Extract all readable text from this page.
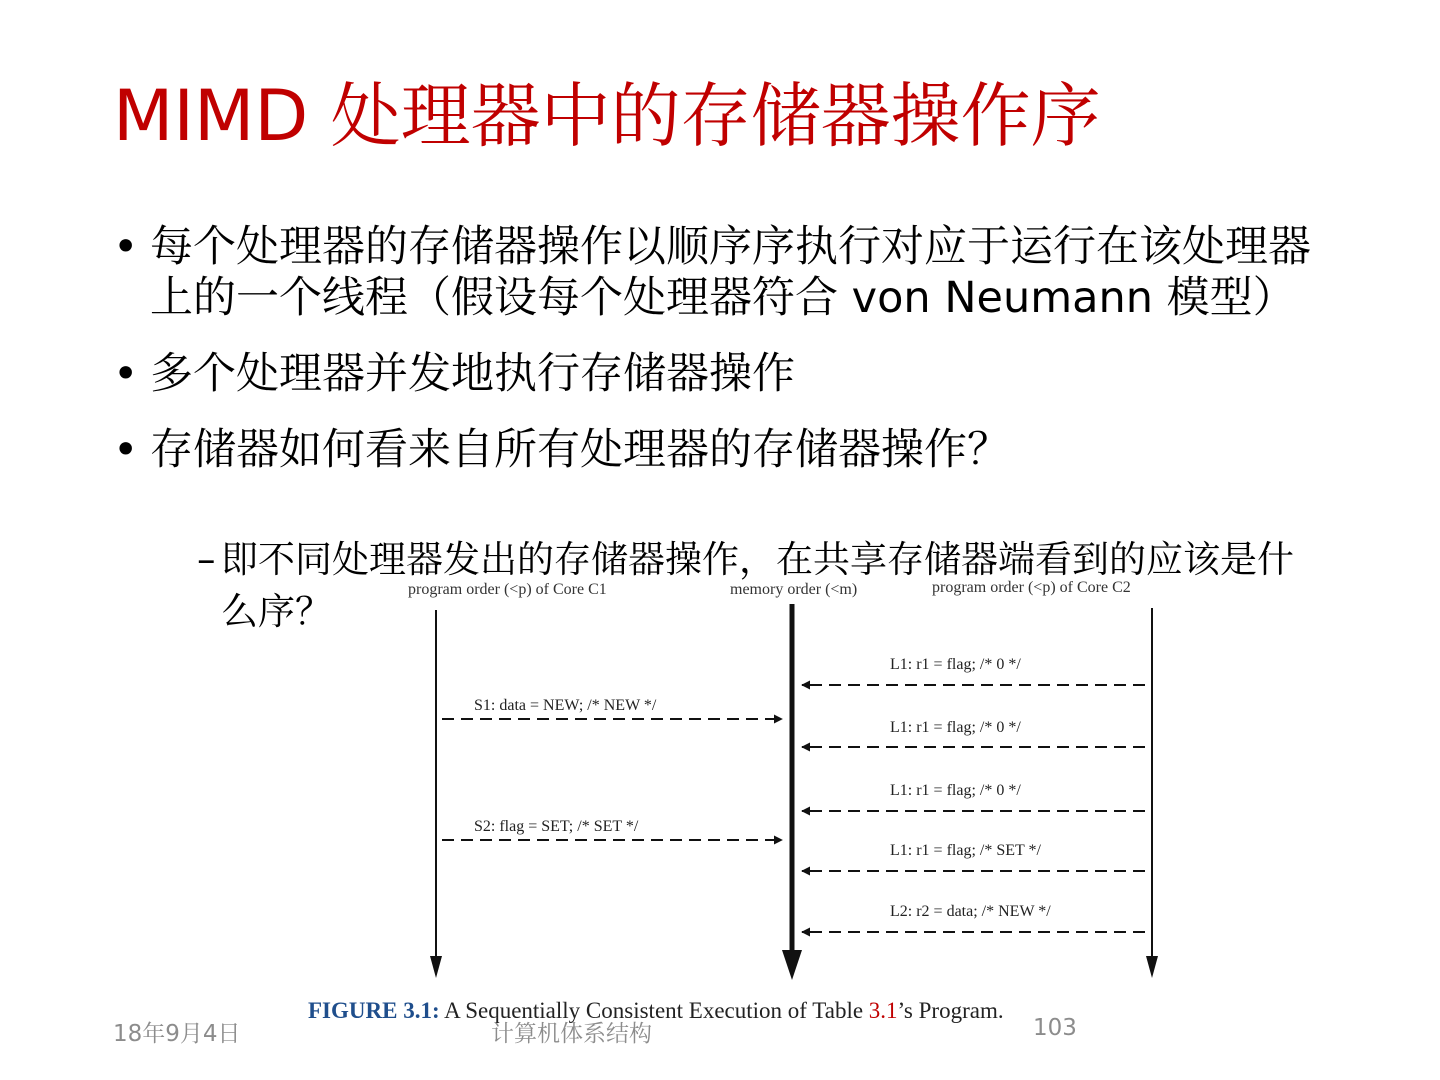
MIMD 处理器中的存储器操作序
• 每个处理器的存储器操作以顺序序执行对应于运行在该处理器上的一个线程（假设每个处理器符合 von Neumann 模型）
• 多个处理器并发地执行存储器操作
• 存储器如何看来自所有处理器的存储器操作？
– 即不同处理器发出的存储器操作，在共享存储器端看到的应该是什么序？
program order (<p) of Core C1	memory order (<m)	program order (<p) of Core C2
S1: data = NEW; /* NEW */
S2: flag = SET; /* SET */
L1: r1 = flag; /* 0 */
L1: r1 = flag; /* 0 */
L1: r1 = flag; /* 0 */
L1: r1 = flag; /* SET */
L2: r2 = data; /* NEW */
FIGURE 3.1: A Sequentially Consistent Execution of Table 3.1’s Program.
18年9月4日	计算机体系结构	103
